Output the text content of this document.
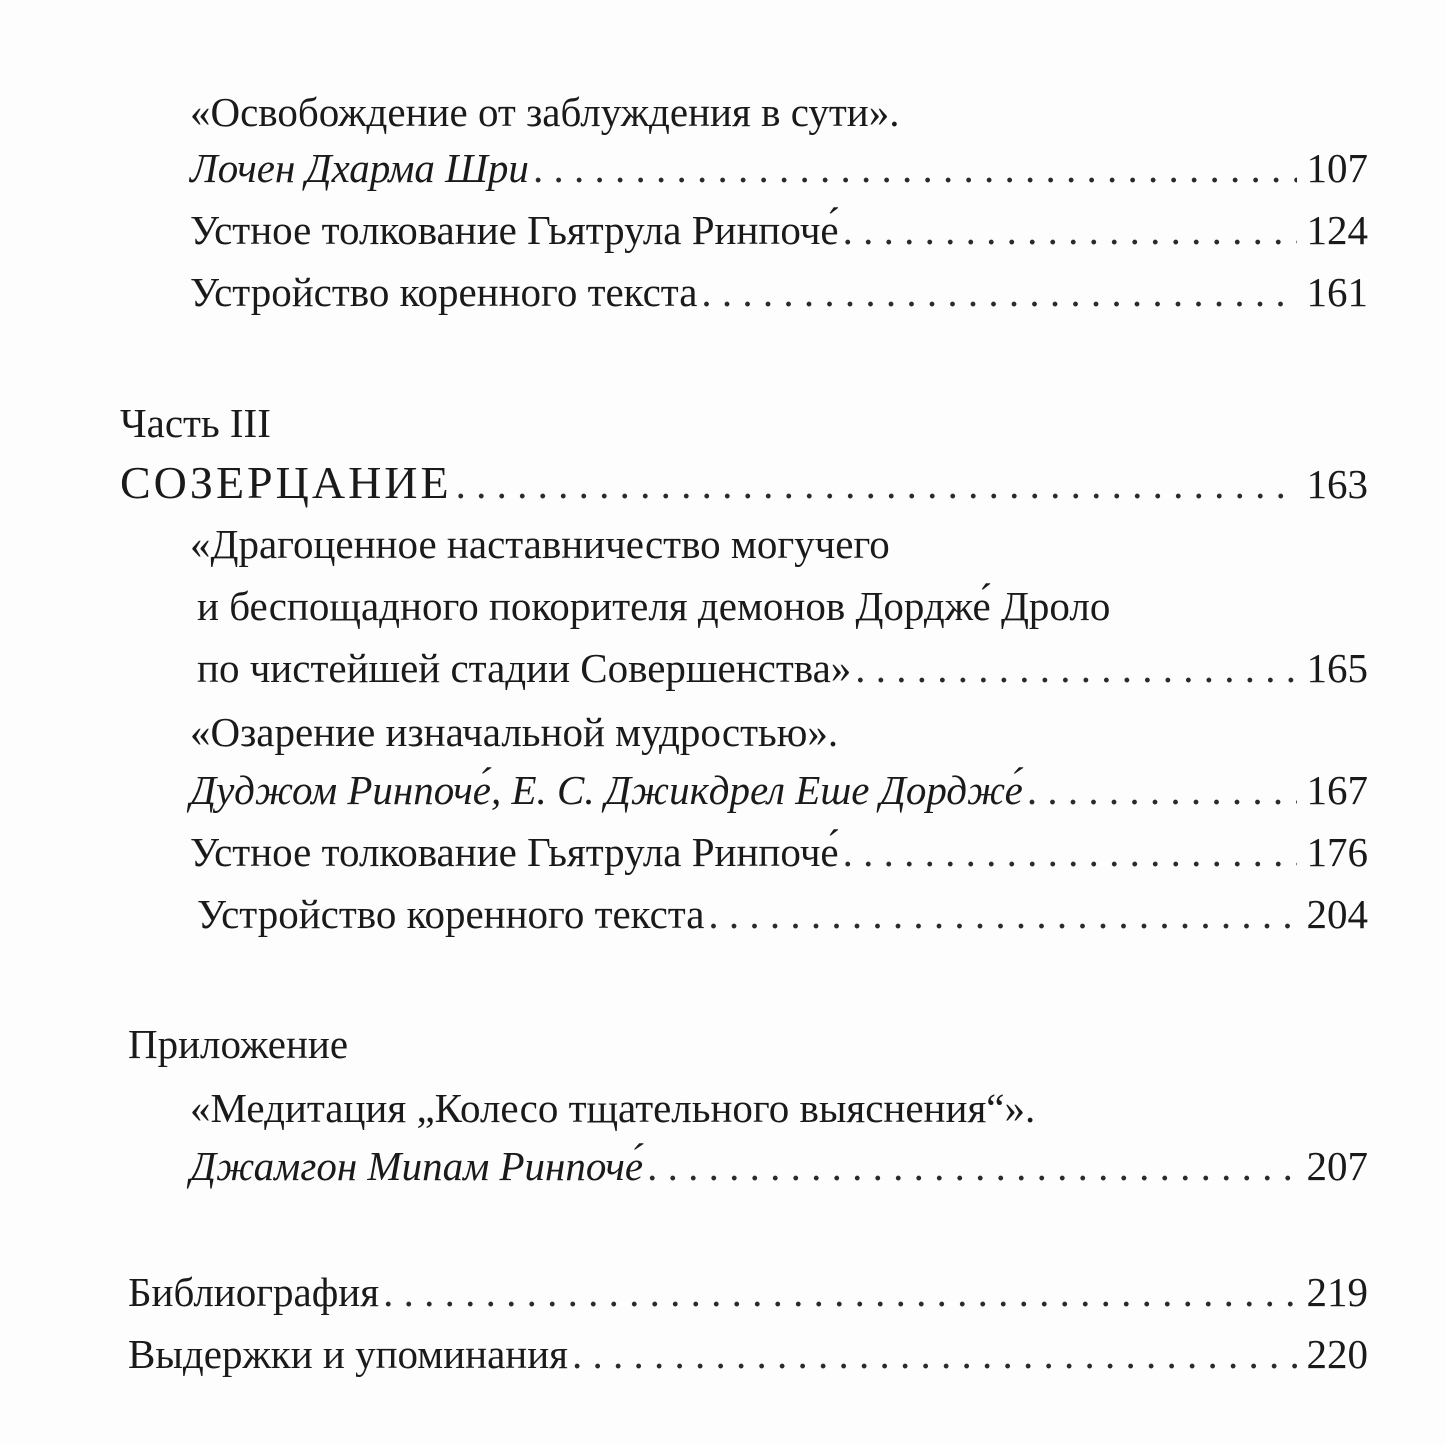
«Освобождение от заблуждения в сути».
Лочен Дхарма Шри . . .	107
Устное толкование Гьятрула Ринпоче́ . . .	124
Устройство коренного текста . . .	161
Часть III
СОЗЕРЦАНИЕ . . .	163
«Драгоценное наставничество могучего
и беспощадного покорителя демонов Дордже́ Дроло
по чистейшей стадии Совершенства» . . .	165
«Озарение изначальной мудростью».
Дуджом Ринпоче́, Е. С. Джикдрел Еше Дордже́ . . .	167
Устное толкование Гьятрула Ринпоче́ . . .	176
Устройство коренного текста . . .	204
Приложение
«Медитация „Колесо тщательного выяснения“».
Джамгон Мипам Ринпоче́ . . .	207
Библиография . . .	219
Выдержки и упоминания . . .	220
